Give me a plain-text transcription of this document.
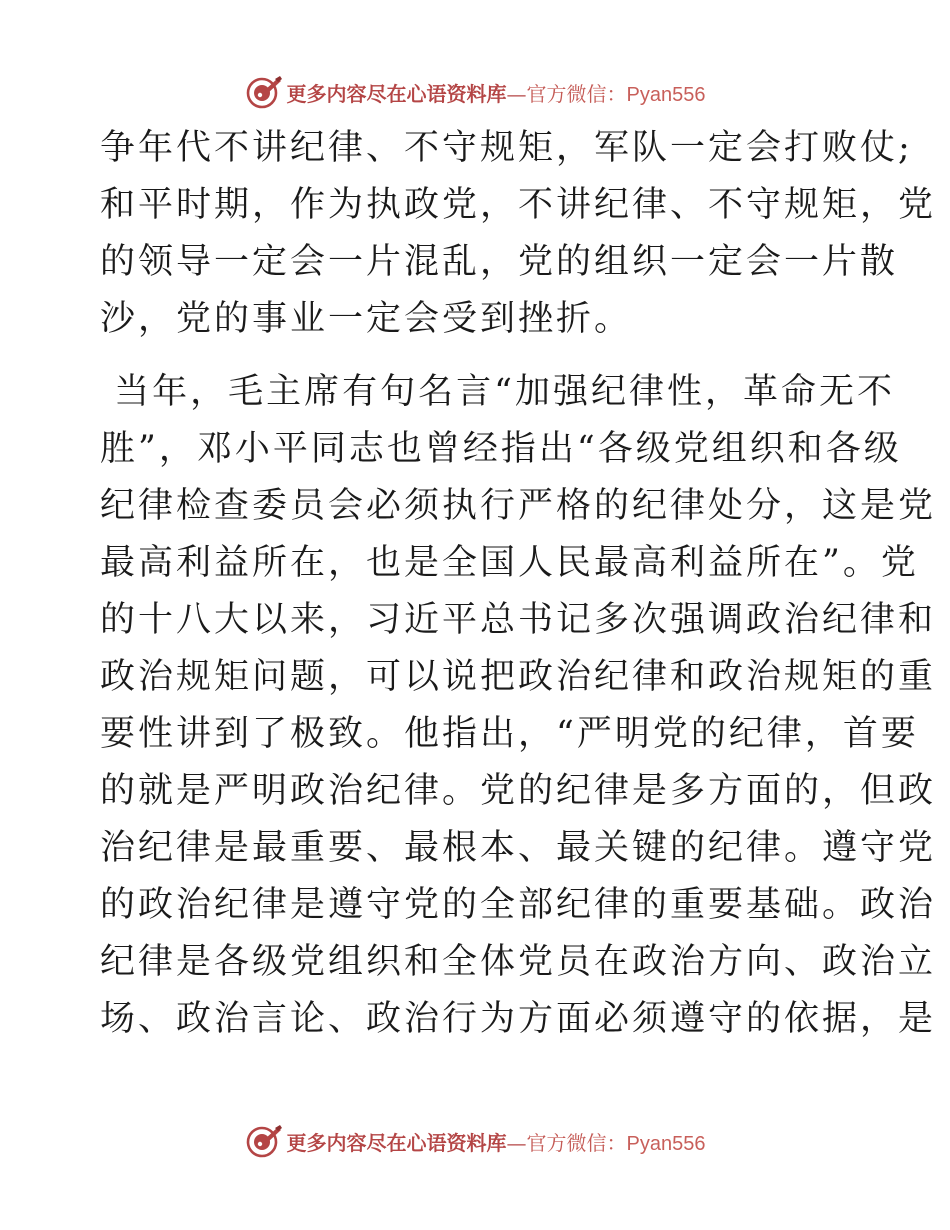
更多内容尽在心语资料库—官方微信：Pyan556
争年代不讲纪律、不守规矩，军队一定会打败仗;
和平时期，作为执政党，不讲纪律、不守规矩，党
的领导一定会一片混乱，党的组织一定会一片散
沙，党的事业一定会受到挫折。
当年，毛主席有句名言“加强纪律性，革命无不
胜”，邓小平同志也曾经指出“各级党组织和各级
纪律检查委员会必须执行严格的纪律处分，这是党
最高利益所在，也是全国人民最高利益所在”。党
的十八大以来，习近平总书记多次强调政治纪律和
政治规矩问题，可以说把政治纪律和政治规矩的重
要性讲到了极致。他指出，“严明党的纪律，首要
的就是严明政治纪律。党的纪律是多方面的，但政
治纪律是最重要、最根本、最关键的纪律。遵守党
的政治纪律是遵守党的全部纪律的重要基础。政治
纪律是各级党组织和全体党员在政治方向、政治立
场、政治言论、政治行为方面必须遵守的依据，是
更多内容尽在心语资料库—官方微信：Pyan556
